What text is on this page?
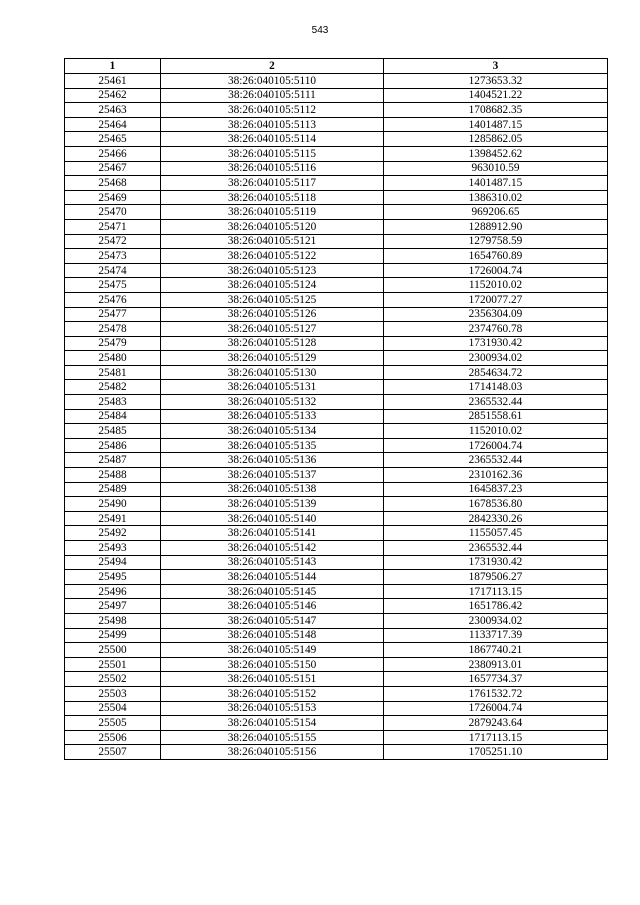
543
1	2	3
25461	38:26:040105:5110	1273653.32
25462	38:26:040105:5111	1404521.22
25463	38:26:040105:5112	1708682.35
25464	38:26:040105:5113	1401487.15
25465	38:26:040105:5114	1285862.05
25466	38:26:040105:5115	1398452.62
25467	38:26:040105:5116	963010.59
25468	38:26:040105:5117	1401487.15
25469	38:26:040105:5118	1386310.02
25470	38:26:040105:5119	969206.65
25471	38:26:040105:5120	1288912.90
25472	38:26:040105:5121	1279758.59
25473	38:26:040105:5122	1654760.89
25474	38:26:040105:5123	1726004.74
25475	38:26:040105:5124	1152010.02
25476	38:26:040105:5125	1720077.27
25477	38:26:040105:5126	2356304.09
25478	38:26:040105:5127	2374760.78
25479	38:26:040105:5128	1731930.42
25480	38:26:040105:5129	2300934.02
25481	38:26:040105:5130	2854634.72
25482	38:26:040105:5131	1714148.03
25483	38:26:040105:5132	2365532.44
25484	38:26:040105:5133	2851558.61
25485	38:26:040105:5134	1152010.02
25486	38:26:040105:5135	1726004.74
25487	38:26:040105:5136	2365532.44
25488	38:26:040105:5137	2310162.36
25489	38:26:040105:5138	1645837.23
25490	38:26:040105:5139	1678536.80
25491	38:26:040105:5140	2842330.26
25492	38:26:040105:5141	1155057.45
25493	38:26:040105:5142	2365532.44
25494	38:26:040105:5143	1731930.42
25495	38:26:040105:5144	1879506.27
25496	38:26:040105:5145	1717113.15
25497	38:26:040105:5146	1651786.42
25498	38:26:040105:5147	2300934.02
25499	38:26:040105:5148	1133717.39
25500	38:26:040105:5149	1867740.21
25501	38:26:040105:5150	2380913.01
25502	38:26:040105:5151	1657734.37
25503	38:26:040105:5152	1761532.72
25504	38:26:040105:5153	1726004.74
25505	38:26:040105:5154	2879243.64
25506	38:26:040105:5155	1717113.15
25507	38:26:040105:5156	1705251.10
